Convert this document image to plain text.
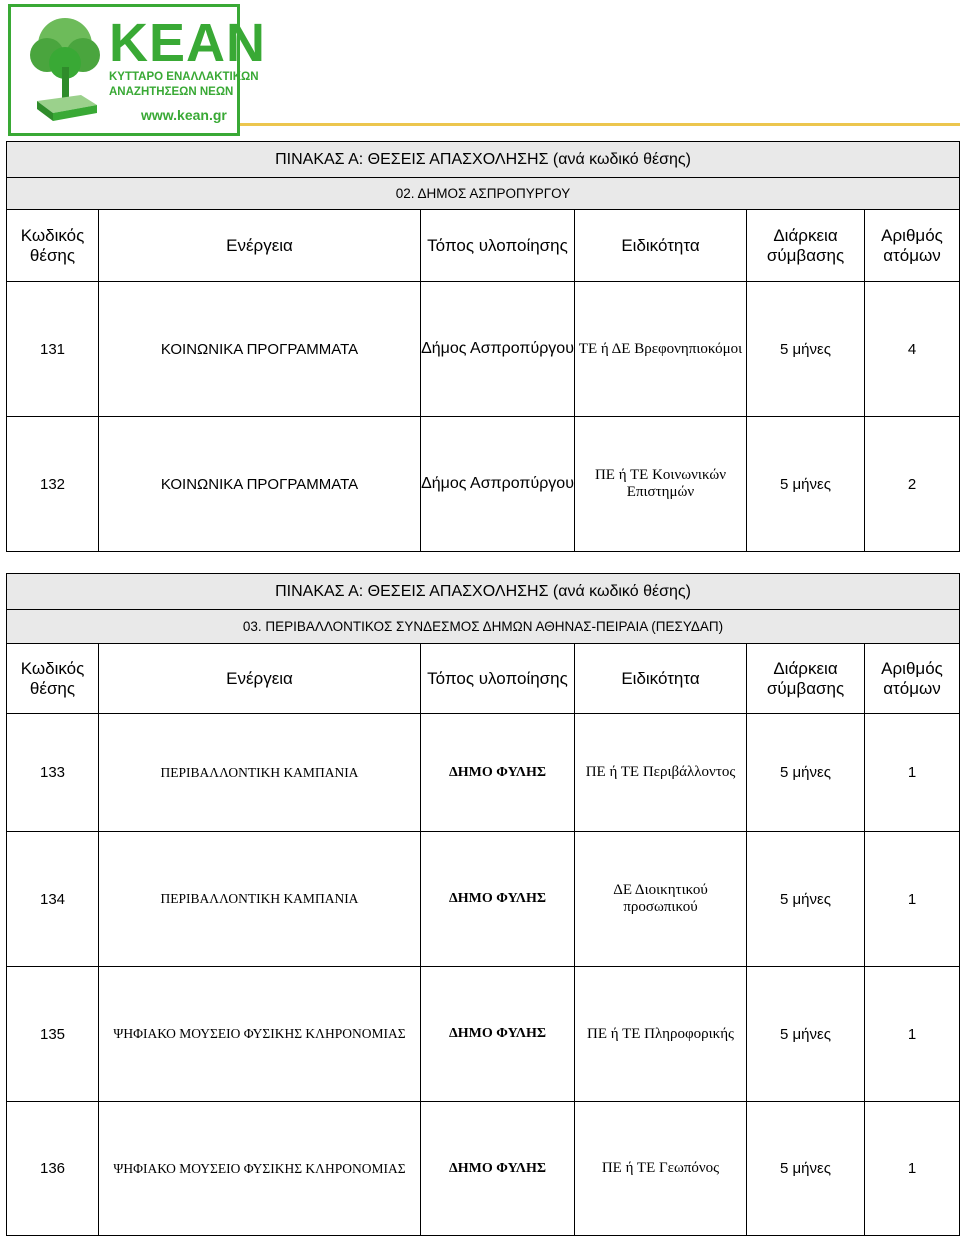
ΚΕΑΝ
ΚΥΤΤΑΡΟ ΕΝΑΛΛΑΚΤΙΚΩΝ
ΑΝΑΖΗΤΗΣΕΩΝ ΝΕΩΝ
www.kean.gr
ΠΙΝΑΚΑΣ Α: ΘΕΣΕΙΣ ΑΠΑΣΧΟΛΗΣΗΣ (ανά κωδικό θέσης)					
02. ΔΗΜΟΣ ΑΣΠΡΟΠΥΡΓΟΥ					
Κωδικός θέσης	Ενέργεια	Τόπος υλοποίησης	Ειδικότητα	Διάρκεια σύμβασης	Αριθμός ατόμων
131	ΚΟΙΝΩΝΙΚΑ ΠΡΟΓΡΑΜΜΑΤΑ	Δήμος Ασπροπύργου	ΤΕ ή ΔΕ Βρεφονηπιοκόμοι	5 μήνες	4
132	ΚΟΙΝΩΝΙΚΑ ΠΡΟΓΡΑΜΜΑΤΑ	Δήμος Ασπροπύργου	ΠΕ ή ΤΕ Κοινωνικών Επιστημών	5 μήνες	2
ΠΙΝΑΚΑΣ Α: ΘΕΣΕΙΣ ΑΠΑΣΧΟΛΗΣΗΣ (ανά κωδικό θέσης)					
03. ΠΕΡΙΒΑΛΛΟΝΤΙΚΟΣ ΣΥΝΔΕΣΜΟΣ ΔΗΜΩΝ ΑΘΗΝΑΣ-ΠΕΙΡΑΙΑ (ΠΕΣΥΔΑΠ)					
Κωδικός θέσης	Ενέργεια	Τόπος υλοποίησης	Ειδικότητα	Διάρκεια σύμβασης	Αριθμός ατόμων
133	ΠΕΡΙΒΑΛΛΟΝΤΙΚΗ ΚΑΜΠΑΝΙΑ	ΔΗΜΟ ΦΥΛΗΣ	ΠΕ ή ΤΕ Περιβάλλοντος	5 μήνες	1
134	ΠΕΡΙΒΑΛΛΟΝΤΙΚΗ ΚΑΜΠΑΝΙΑ	ΔΗΜΟ ΦΥΛΗΣ	ΔΕ Διοικητικού προσωπικού	5 μήνες	1
135	ΨΗΦΙΑΚΟ ΜΟΥΣΕΙΟ ΦΥΣΙΚΗΣ ΚΛΗΡΟΝΟΜΙΑΣ	ΔΗΜΟ ΦΥΛΗΣ	ΠΕ ή ΤΕ Πληροφορικής	5 μήνες	1
136	ΨΗΦΙΑΚΟ ΜΟΥΣΕΙΟ ΦΥΣΙΚΗΣ ΚΛΗΡΟΝΟΜΙΑΣ	ΔΗΜΟ ΦΥΛΗΣ	ΠΕ ή ΤΕ Γεωπόνος	5 μήνες	1
